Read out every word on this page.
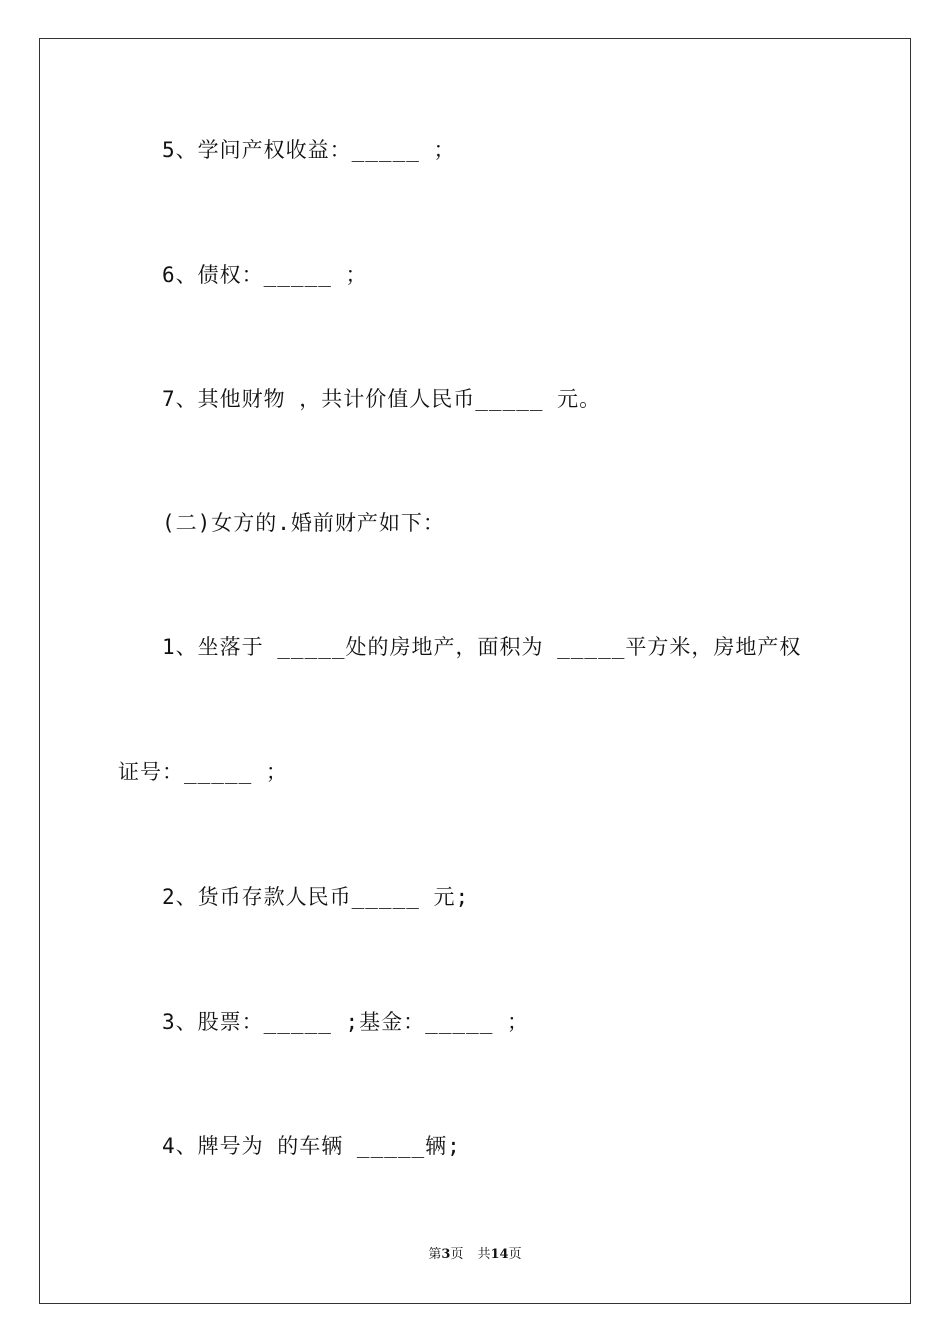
5、学问产权收益：_____ ；
6、债权：_____ ；
7、其他财物 ，共计价值人民币_____ 元。
(二)女方的.婚前财产如下：
1、坐落于 _____处的房地产，面积为 _____平方米，房地产权
证号：_____ ；
2、货币存款人民币_____ 元;
3、股票：_____ ;基金：_____ ；
4、牌号为 的车辆 _____辆;
第3页 共14页
